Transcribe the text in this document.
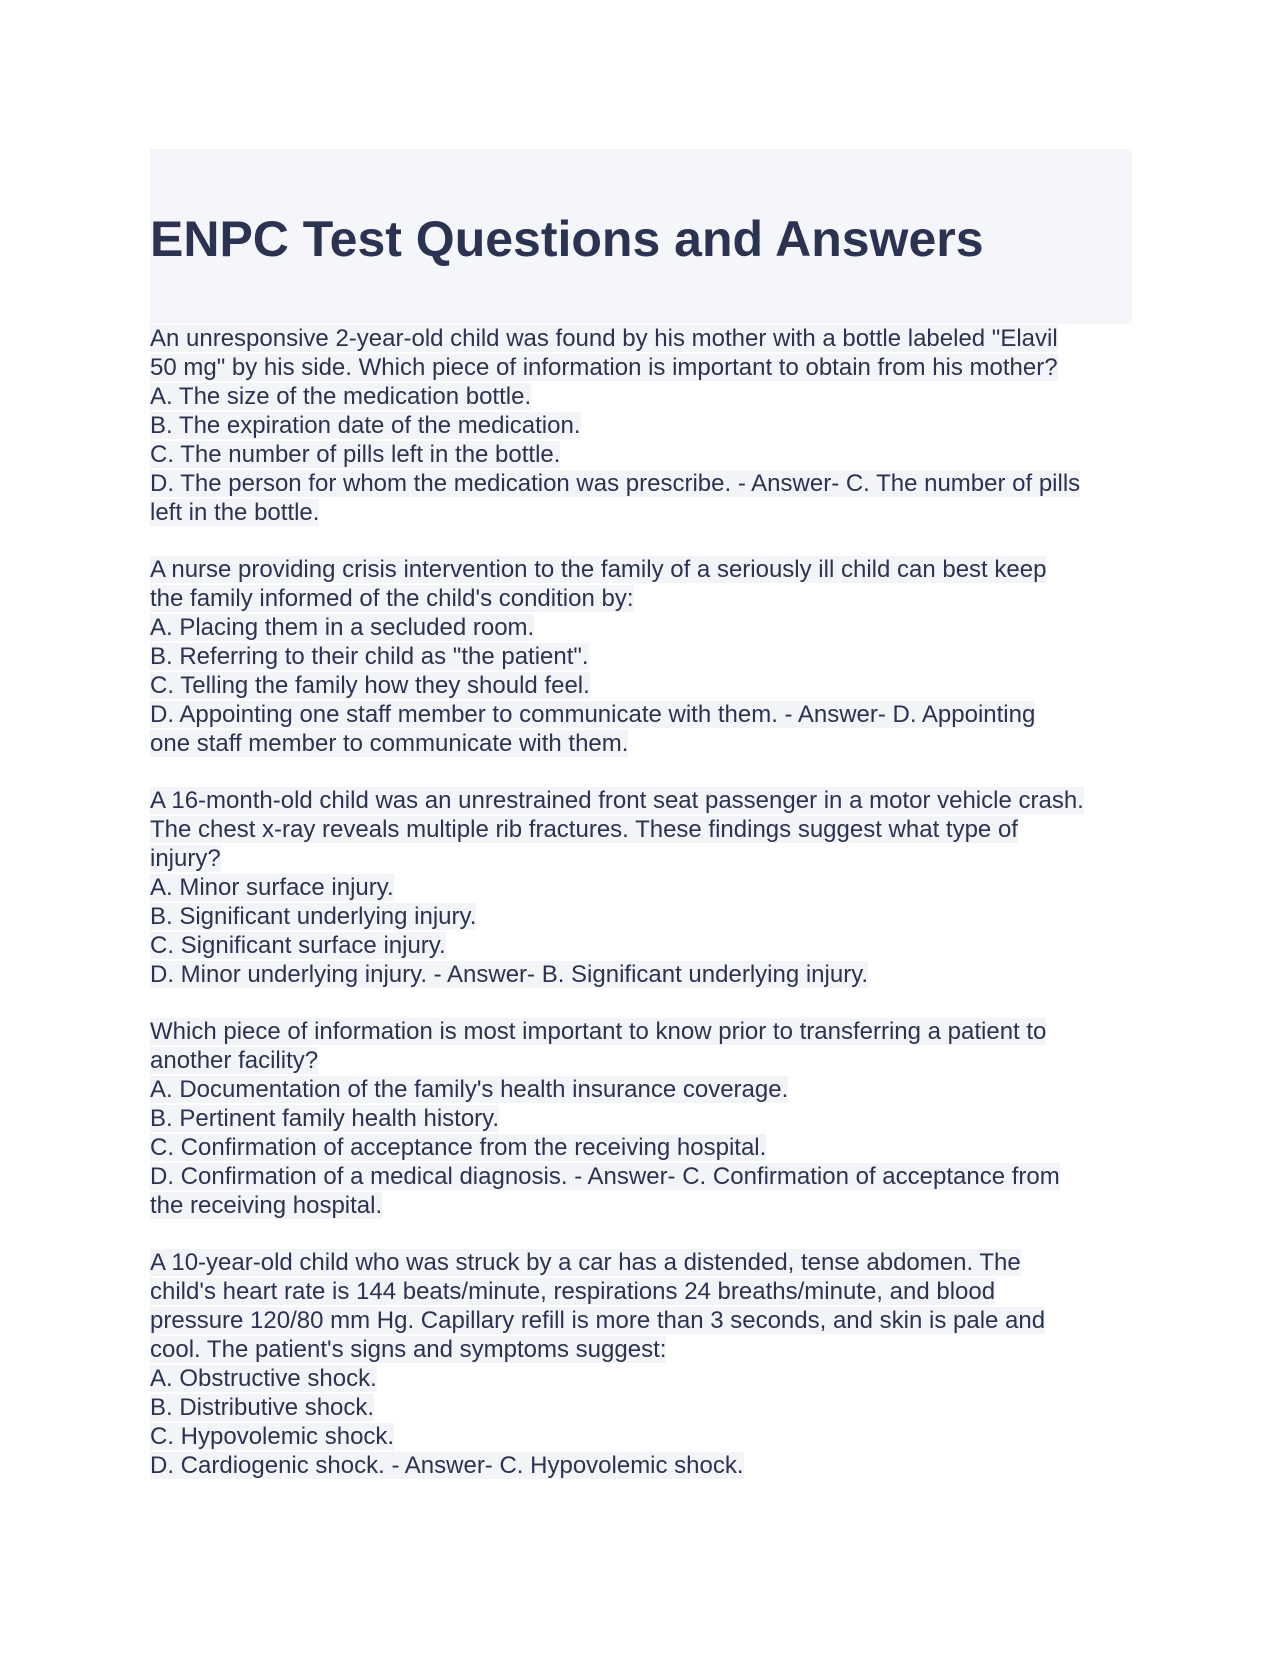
ENPC Test Questions and Answers
An unresponsive 2-year-old child was found by his mother with a bottle labeled "Elavil
50 mg" by his side. Which piece of information is important to obtain from his mother?
A. The size of the medication bottle.
B. The expiration date of the medication.
C. The number of pills left in the bottle.
D. The person for whom the medication was prescribe. - Answer- C. The number of pills
left in the bottle.
A nurse providing crisis intervention to the family of a seriously ill child can best keep
the family informed of the child's condition by:
A. Placing them in a secluded room.
B. Referring to their child as "the patient".
C. Telling the family how they should feel.
D. Appointing one staff member to communicate with them. - Answer- D. Appointing
one staff member to communicate with them.
A 16-month-old child was an unrestrained front seat passenger in a motor vehicle crash.
The chest x-ray reveals multiple rib fractures. These findings suggest what type of
injury?
A. Minor surface injury.
B. Significant underlying injury.
C. Significant surface injury.
D. Minor underlying injury. - Answer- B. Significant underlying injury.
Which piece of information is most important to know prior to transferring a patient to
another facility?
A. Documentation of the family's health insurance coverage.
B. Pertinent family health history.
C. Confirmation of acceptance from the receiving hospital.
D. Confirmation of a medical diagnosis. - Answer- C. Confirmation of acceptance from
the receiving hospital.
A 10-year-old child who was struck by a car has a distended, tense abdomen. The
child's heart rate is 144 beats/minute, respirations 24 breaths/minute, and blood
pressure 120/80 mm Hg. Capillary refill is more than 3 seconds, and skin is pale and
cool. The patient's signs and symptoms suggest:
A. Obstructive shock.
B. Distributive shock.
C. Hypovolemic shock.
D. Cardiogenic shock. - Answer- C. Hypovolemic shock.
